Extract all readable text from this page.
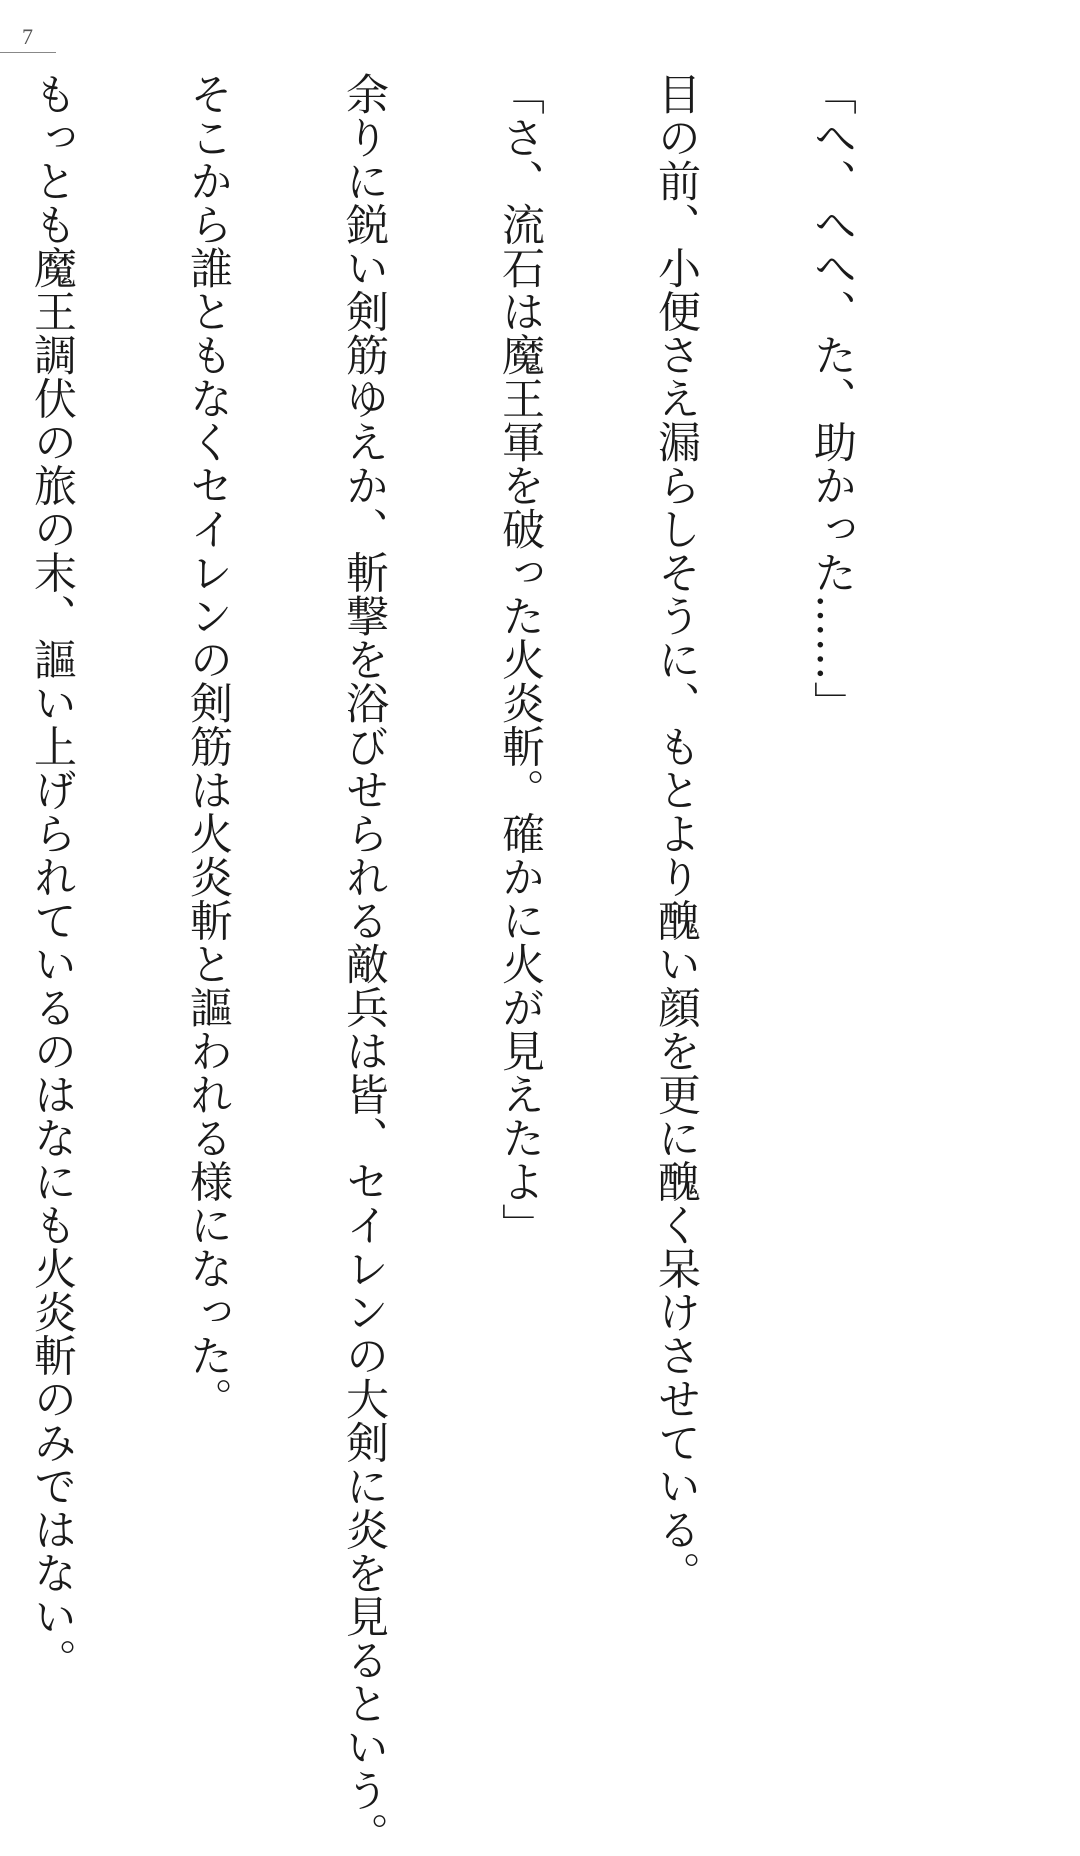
7

「へ、へへ、た、助かった……」

目の前、小便さえ漏らしそうに、もとより醜い顔を更に醜く呆けさせている。

「さ、流石は魔王軍を破った火炎斬。確かに火が見えたよ」

余りに鋭い剣筋ゆえか、斬撃を浴びせられる敵兵は皆、セイレンの大剣に炎を見るという。

そこから誰ともなくセイレンの剣筋は火炎斬と謳われる様になった。

もっとも魔王調伏の旅の末、謳い上げられているのはなにも火炎斬のみではない。
